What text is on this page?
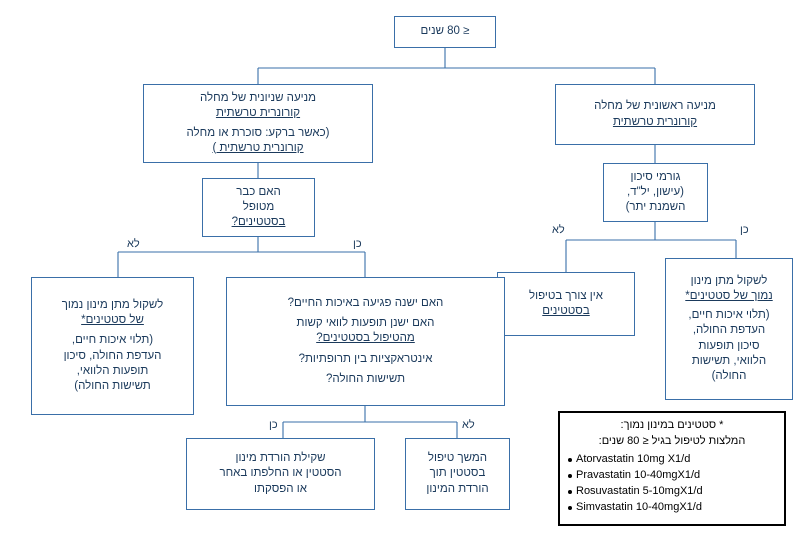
≤ 80 שנים
מניעה שניונית של מחלה
קורונרית טרשתית
(כאשר ברקע: סוכרת או מחלה
קורונרית טרשתית )
מניעה ראשונית של מחלה
קורונרית טרשתית
גורמי סיכון
(עישון, יל"ד,
השמנת יתר)
האם כבר
מטופל
בסטטינים?
אין צורך בטיפול
בסטטינים
לשקול מתן מינון
נמוך של סטטינים*
(תלוי איכות חיים,
העדפת החולה,
סיכון תופעות
הלוואי, תשישות
החולה)
לשקול מתן מינון נמוך
של סטטינים*
(תלוי איכות חיים,
העדפת החולה, סיכון
תופעות הלוואי,
תשישות החולה)
האם ישנה פגיעה באיכות החיים?
האם ישנן תופעות לוואי קשות
מהטיפול בסטטינים?
אינטראקציות בין תרופתיות?
תשישות החולה?
שקילת הורדת מינון
הסטטין או החלפתו באחר
או הפסקתו
המשך טיפול
בסטטין תוך
הורדת המינון
לא	כן
לא	כן
כן	לא	* סטטינים במינון נמוך:
המלצות לטיפול בגיל ≤ 80 שנים:
Atorvastatin 10mg X1/d
Pravastatin 10-40mgX1/d
Rosuvastatin 5-10mgX1/d
Simvastatin 10-40mgX1/d
